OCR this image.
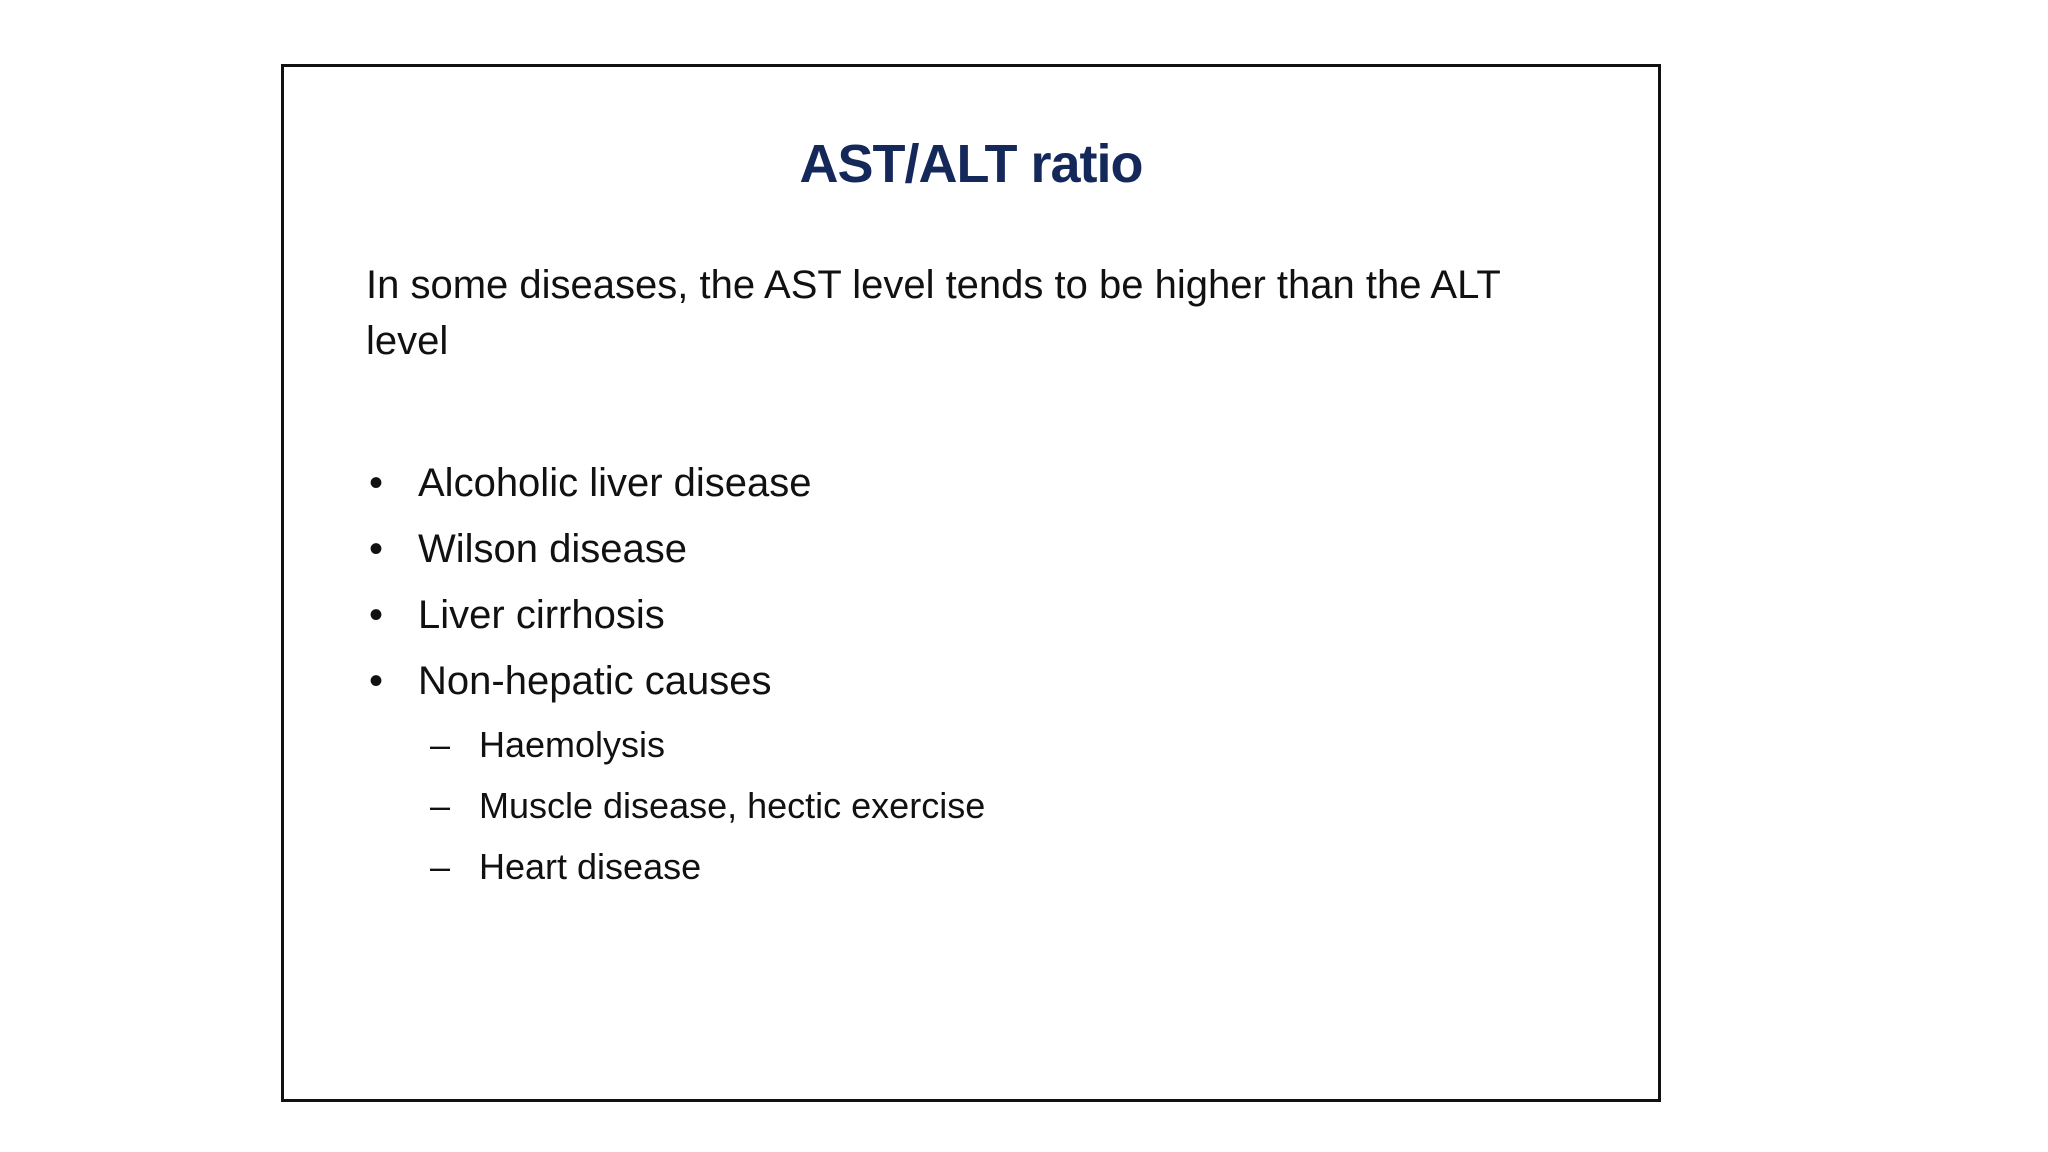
AST/ALT ratio

In some diseases, the AST level tends to be higher than the ALT level

• Alcoholic liver disease
• Wilson disease
• Liver cirrhosis
• Non-hepatic causes
– Haemolysis
– Muscle disease, hectic exercise
– Heart disease
